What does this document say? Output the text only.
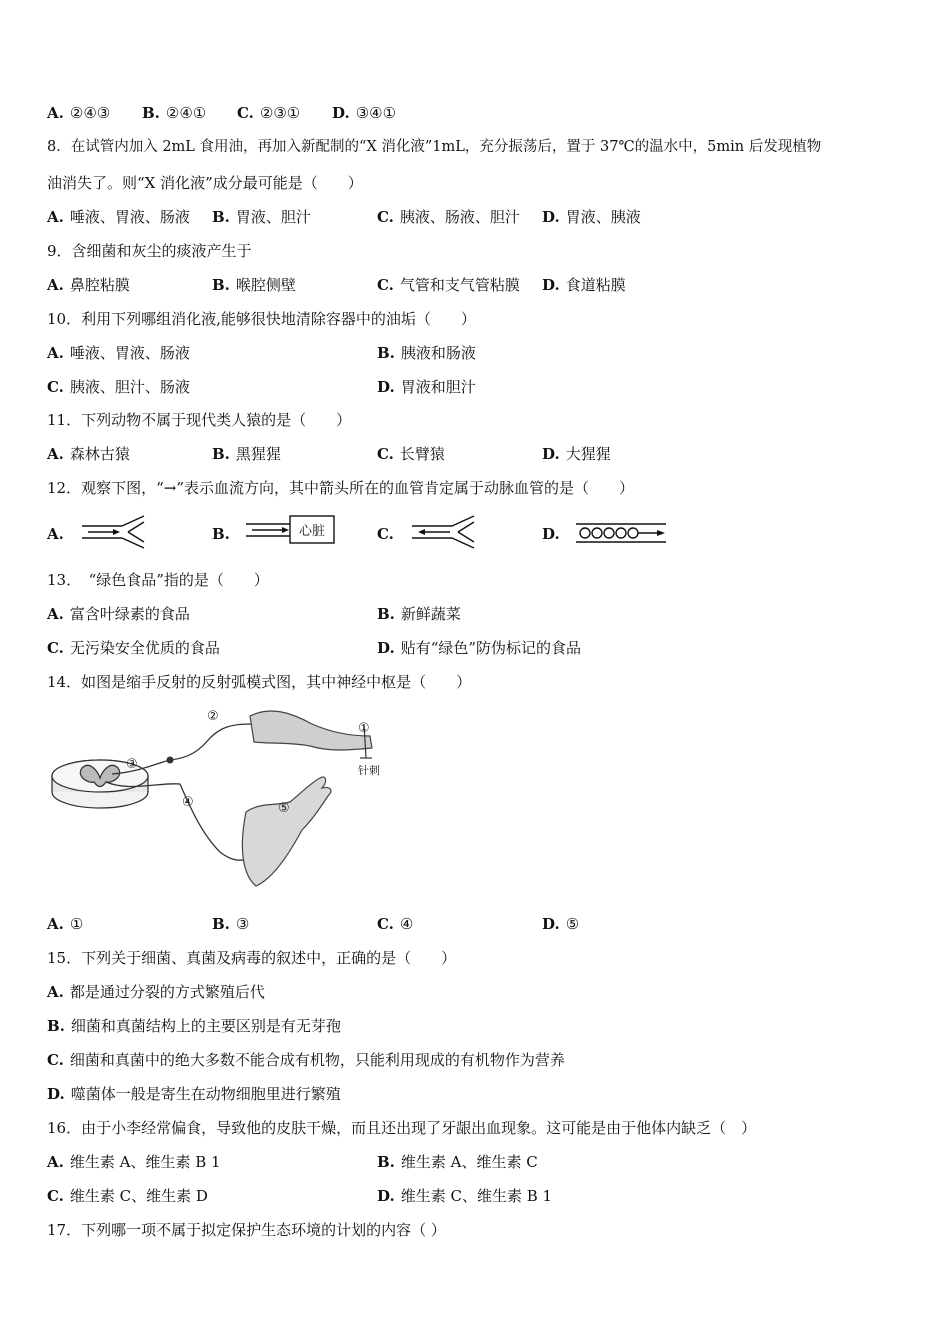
A. ②④③ B. ②④① C. ②③① D. ③④①
8．在试管内加入 2mL 食用油，再加入新配制的“X 消化液”1mL，充分振荡后，置于 37℃的温水中，5min 后发现植物
油消失了。则“X 消化液”成分最可能是（　　）
A. 唾液、胃液、肠液 B. 胃液、胆汁	C. 胰液、肠液、胆汁 D. 胃液、胰液
9．含细菌和灰尘的痰液产生于
A. 鼻腔粘膜	B. 喉腔侧壁	C. 气管和支气管粘膜 D. 食道粘膜
10．利用下列哪组消化液,能够很快地清除容器中的油垢（　　）
A. 唾液、胃液、肠液	B. 胰液和肠液
C. 胰液、胆汁、肠液	D. 胃液和胆汁
11．下列动物不属于现代类人猿的是（　　）
A. 森林古猿	B. 黑猩猩	C. 长臂猿	D. 大猩猩
12．观察下图，“→”表示血流方向，其中箭头所在的血管肯定属于动脉血管的是（　　）
A.	B.	心脏	C.	D.
13．　“绿色食品”指的是（　　）
A. 富含叶绿素的食品	B. 新鲜蔬菜
C. 无污染安全优质的食品	D. 贴有“绿色”防伪标记的食品
14．如图是缩手反射的反射弧模式图，其中神经中枢是（　　）
①
②
③
④	⑤
针刺
A. ①	B. ③	C. ④	D. ⑤
15．下列关于细菌、真菌及病毒的叙述中，正确的是（　　）
A. 都是通过分裂的方式繁殖后代
B. 细菌和真菌结构上的主要区别是有无芽孢
C. 细菌和真菌中的绝大多数不能合成有机物，只能利用现成的有机物作为营养
D. 噬菌体一般是寄生在动物细胞里进行繁殖
16．由于小李经常偏食，导致他的皮肤干燥，而且还出现了牙龈出血现象。这可能是由于他体内缺乏（　）
A. 维生素 A、维生素 B 1	B. 维生素 A、维生素 C
C. 维生素 C、维生素 D	D. 维生素 C、维生素 B 1
17．下列哪一项不属于拟定保护生态环境的计划的内容（ ）
